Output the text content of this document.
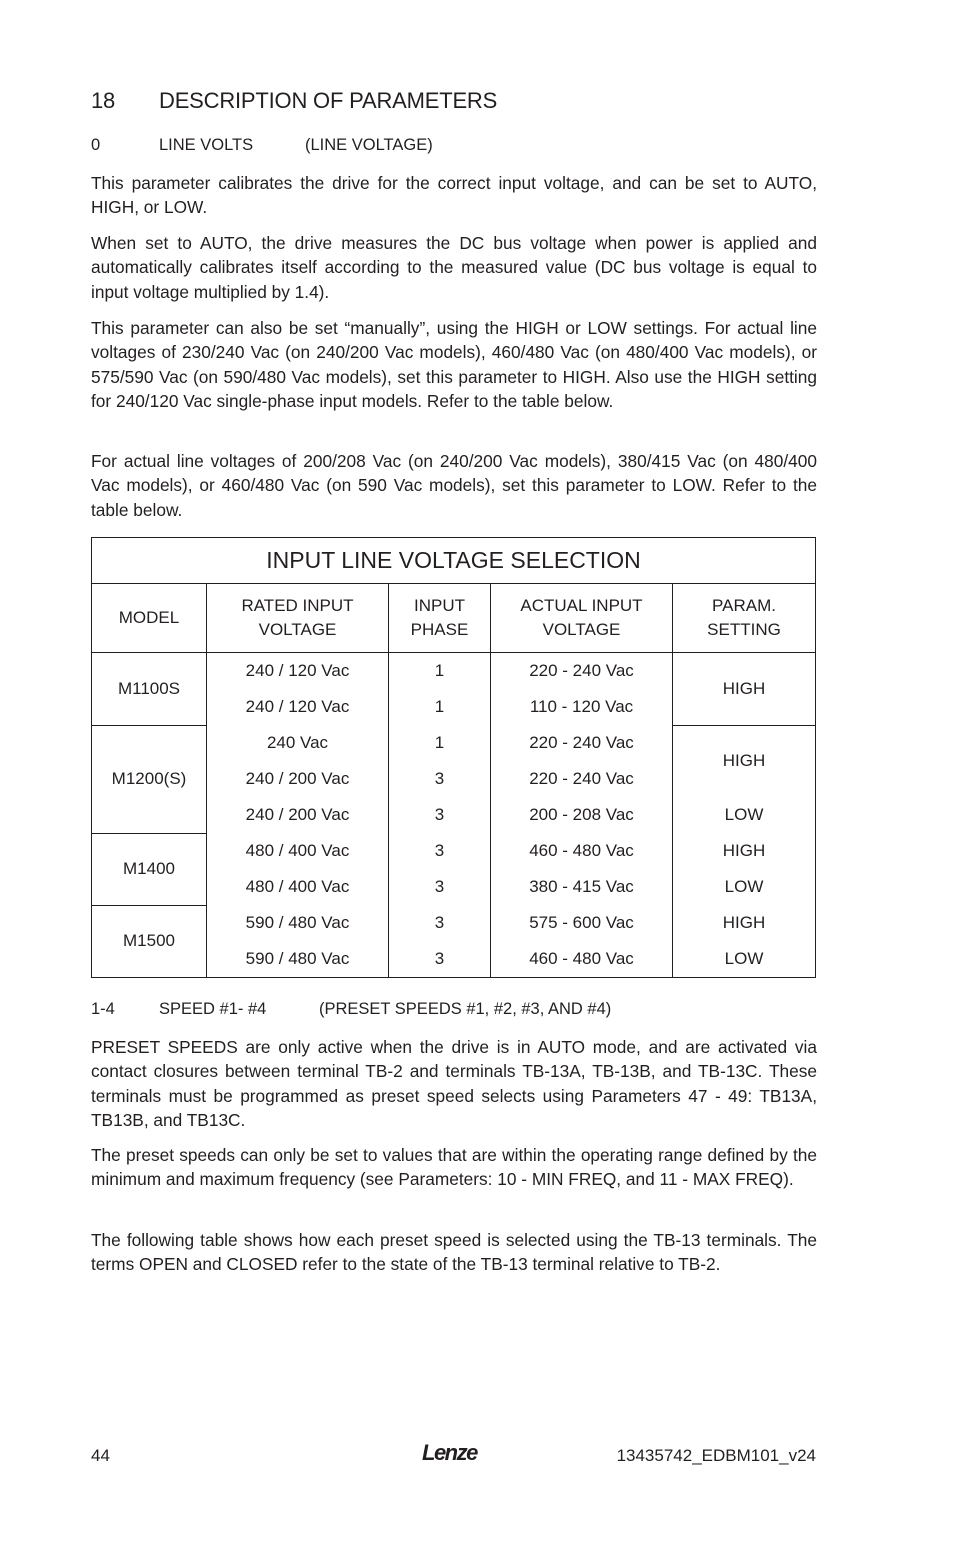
18 DESCRIPTION OF PARAMETERS
0	LINE VOLTS	(LINE VOLTAGE)

This parameter calibrates the drive for the correct input voltage, and can be set to AUTO, HIGH, or LOW.

When set to AUTO, the drive measures the DC bus voltage when power is applied and automatically calibrates itself according to the measured value (DC bus voltage is equal to input voltage multiplied by 1.4).

This parameter can also be set “manually”, using the HIGH or LOW settings. For actual line voltages of 230/240 Vac (on 240/200 Vac models), 460/480 Vac (on 480/400 Vac models), or 575/590 Vac (on 590/480 Vac models), set this parameter to HIGH. Also use the HIGH setting for 240/120 Vac single-phase input models. Refer to the table below.

For actual line voltages of 200/208 Vac (on 240/200 Vac models), 380/415 Vac (on 480/400 Vac models), or 460/480 Vac (on 590 Vac models), set this parameter to LOW. Refer to the table below.

INPUT LINE VOLTAGE SELECTION				
MODEL	RATED INPUT VOLTAGE	INPUT PHASE	ACTUAL INPUT VOLTAGE	PARAM. SETTING
M1100S	240 / 120 Vac	1	220 - 240 Vac	HIGH
	240 / 120 Vac	1	110 - 120 Vac	
M1200(S)	240 Vac	1	220 - 240 Vac	HIGH
	240 / 200 Vac	3	220 - 240 Vac	
	240 / 200 Vac	3	200 - 208 Vac	LOW
M1400	480 / 400 Vac	3	460 - 480 Vac	HIGH
	480 / 400 Vac	3	380 - 415 Vac	LOW
M1500	590 / 480 Vac	3	575 - 600 Vac	HIGH
	590 / 480 Vac	3	460 - 480 Vac	LOW
1-4	SPEED #1- #4	(PRESET SPEEDS #1, #2, #3, AND #4)

PRESET SPEEDS are only active when the drive is in AUTO mode, and are activated via contact closures between terminal TB-2 and terminals TB-13A, TB-13B, and TB-13C. These terminals must be programmed as preset speed selects using Parameters 47 - 49: TB13A, TB13B, and TB13C.

The preset speeds can only be set to values that are within the operating range defined by the minimum and maximum frequency (see Parameters: 10 - MIN FREQ, and 11 - MAX FREQ).

The following table shows how each preset speed is selected using the TB-13 terminals. The terms OPEN and CLOSED refer to the state of the TB-13 terminal relative to TB-2.

44	Lenze	13435742_EDBM101_v24
